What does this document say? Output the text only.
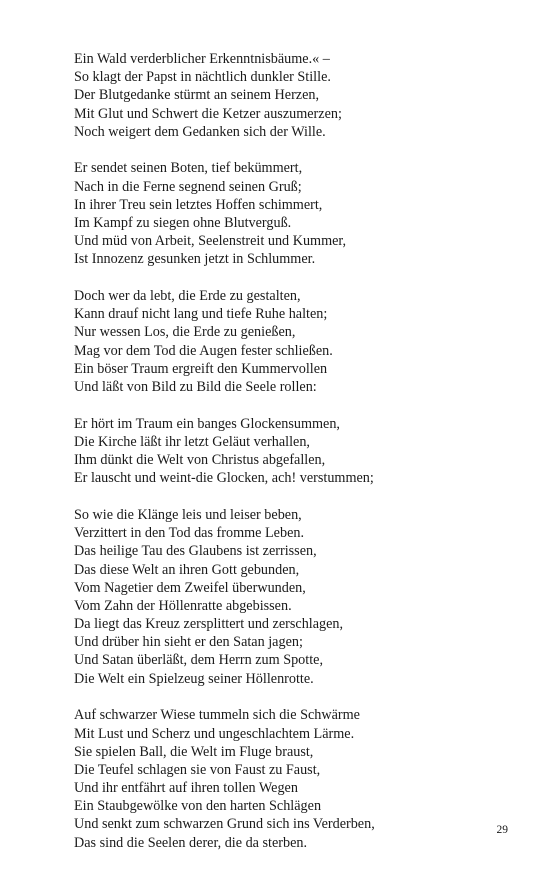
Ein Wald verderblicher Erkenntnisbäume.« –
So klagt der Papst in nächtlich dunkler Stille.
Der Blutgedanke stürmt an seinem Herzen,
Mit Glut und Schwert die Ketzer auszumerzen;
Noch weigert dem Gedanken sich der Wille.
Er sendet seinen Boten, tief bekümmert,
Nach in die Ferne segnend seinen Gruß;
In ihrer Treu sein letztes Hoffen schimmert,
Im Kampf zu siegen ohne Blutverguß.
Und müd von Arbeit, Seelenstreit und Kummer,
Ist Innozenz gesunken jetzt in Schlummer.
Doch wer da lebt, die Erde zu gestalten,
Kann drauf nicht lang und tiefe Ruhe halten;
Nur wessen Los, die Erde zu genießen,
Mag vor dem Tod die Augen fester schließen.
Ein böser Traum ergreift den Kummervollen
Und läßt von Bild zu Bild die Seele rollen:
Er hört im Traum ein banges Glockensummen,
Die Kirche läßt ihr letzt Geläut verhallen,
Ihm dünkt die Welt von Christus abgefallen,
Er lauscht und weint-die Glocken, ach! verstummen;
So wie die Klänge leis und leiser beben,
Verzittert in den Tod das fromme Leben.
Das heilige Tau des Glaubens ist zerrissen,
Das diese Welt an ihren Gott gebunden,
Vom Nagetier dem Zweifel überwunden,
Vom Zahn der Höllenratte abgebissen.
Da liegt das Kreuz zersplittert und zerschlagen,
Und drüber hin sieht er den Satan jagen;
Und Satan überläßt, dem Herrn zum Spotte,
Die Welt ein Spielzeug seiner Höllenrotte.
Auf schwarzer Wiese tummeln sich die Schwärme
Mit Lust und Scherz und ungeschlachtem Lärme.
Sie spielen Ball, die Welt im Fluge braust,
Die Teufel schlagen sie von Faust zu Faust,
Und ihr entfährt auf ihren tollen Wegen
Ein Staubgewölke von den harten Schlägen
Und senkt zum schwarzen Grund sich ins Verderben,
Das sind die Seelen derer, die da sterben.
29
